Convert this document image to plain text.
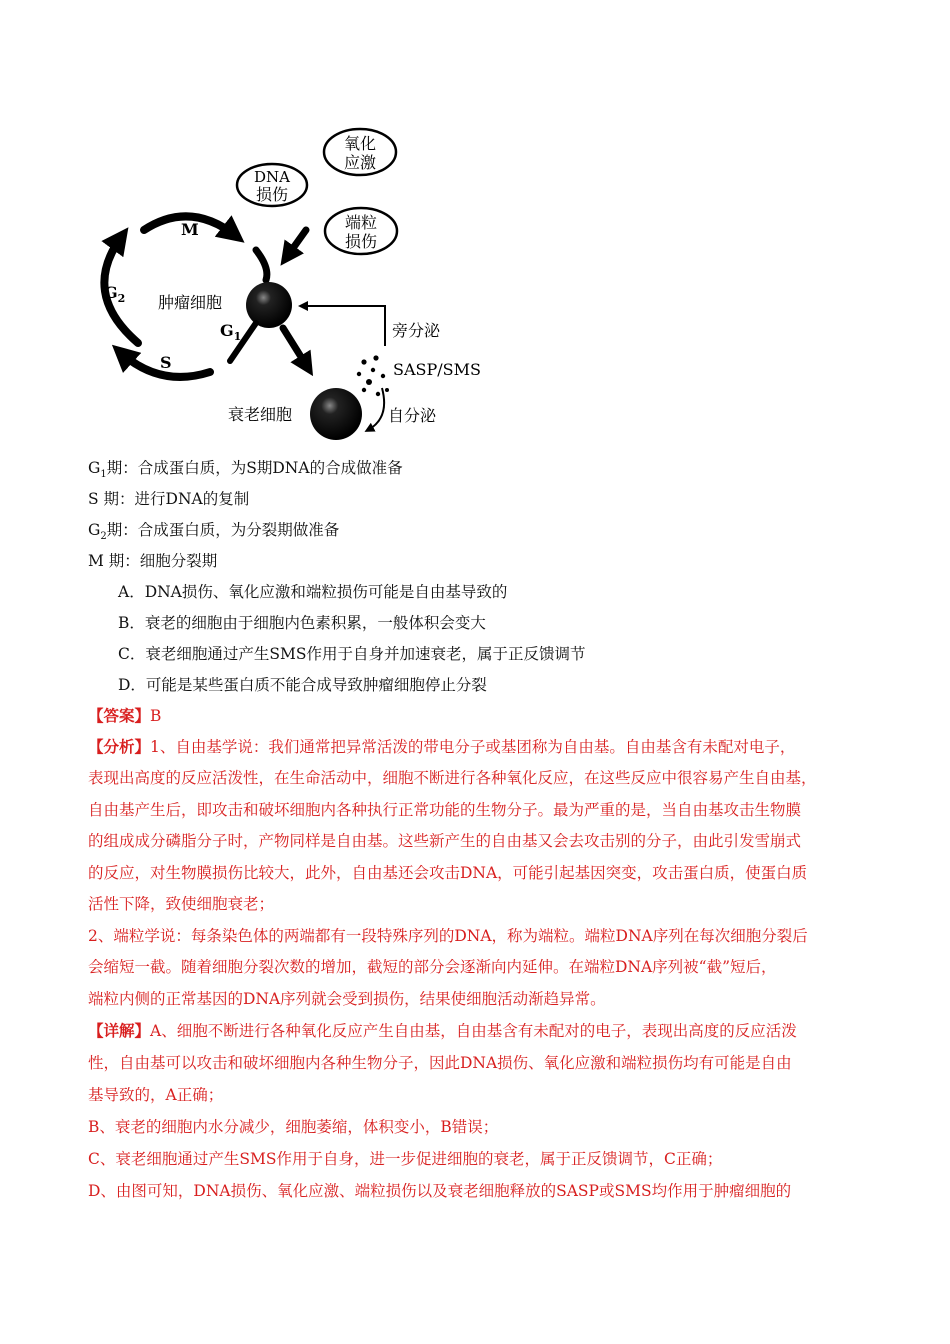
氧化
应激
DNA
损伤
端粒
损伤
M
$G_2$
S
$G_1$
肿瘤细胞
衰老细胞
旁分泌
SASP/SMS
自分泌

$G_1$期：合成蛋白质，为S期DNA的合成做准备

S 期：进行DNA的复制

$G_2$期：合成蛋白质，为分裂期做准备

M 期：细胞分裂期

A．DNA损伤、氧化应激和端粒损伤可能是自由基导致的

B．衰老的细胞由于细胞内色素积累，一般体积会变大

C．衰老细胞通过产生SMS作用于自身并加速衰老，属于正反馈调节

D．可能是某些蛋白质不能合成导致肿瘤细胞停止分裂

【答案】B

【分析】1、自由基学说：我们通常把异常活泼的带电分子或基团称为自由基。自由基含有未配对电子，

表现出高度的反应活泼性，在生命活动中，细胞不断进行各种氧化反应，在这些反应中很容易产生自由基，

自由基产生后，即攻击和破坏细胞内各种执行正常功能的生物分子。最为严重的是，当自由基攻击生物膜

的组成成分磷脂分子时，产物同样是自由基。这些新产生的自由基又会去攻击别的分子，由此引发雪崩式

的反应，对生物膜损伤比较大，此外，自由基还会攻击DNA，可能引起基因突变，攻击蛋白质，使蛋白质

活性下降，致使细胞衰老；

2、端粒学说：每条染色体的两端都有一段特殊序列的DNA，称为端粒。端粒DNA序列在每次细胞分裂后

会缩短一截。随着细胞分裂次数的增加，截短的部分会逐渐向内延伸。在端粒DNA序列被“截”短后，

端粒内侧的正常基因的DNA序列就会受到损伤，结果使细胞活动渐趋异常。

【详解】A、细胞不断进行各种氧化反应产生自由基，自由基含有未配对的电子，表现出高度的反应活泼

性，自由基可以攻击和破坏细胞内各种生物分子，因此DNA损伤、氧化应激和端粒损伤均有可能是自由

基导致的，A正确；

B、衰老的细胞内水分减少，细胞萎缩，体积变小，B错误；

C、衰老细胞通过产生SMS作用于自身，进一步促进细胞的衰老，属于正反馈调节，C正确；

D、由图可知，DNA损伤、氧化应激、端粒损伤以及衰老细胞释放的SASP或SMS均作用于肿瘤细胞的
